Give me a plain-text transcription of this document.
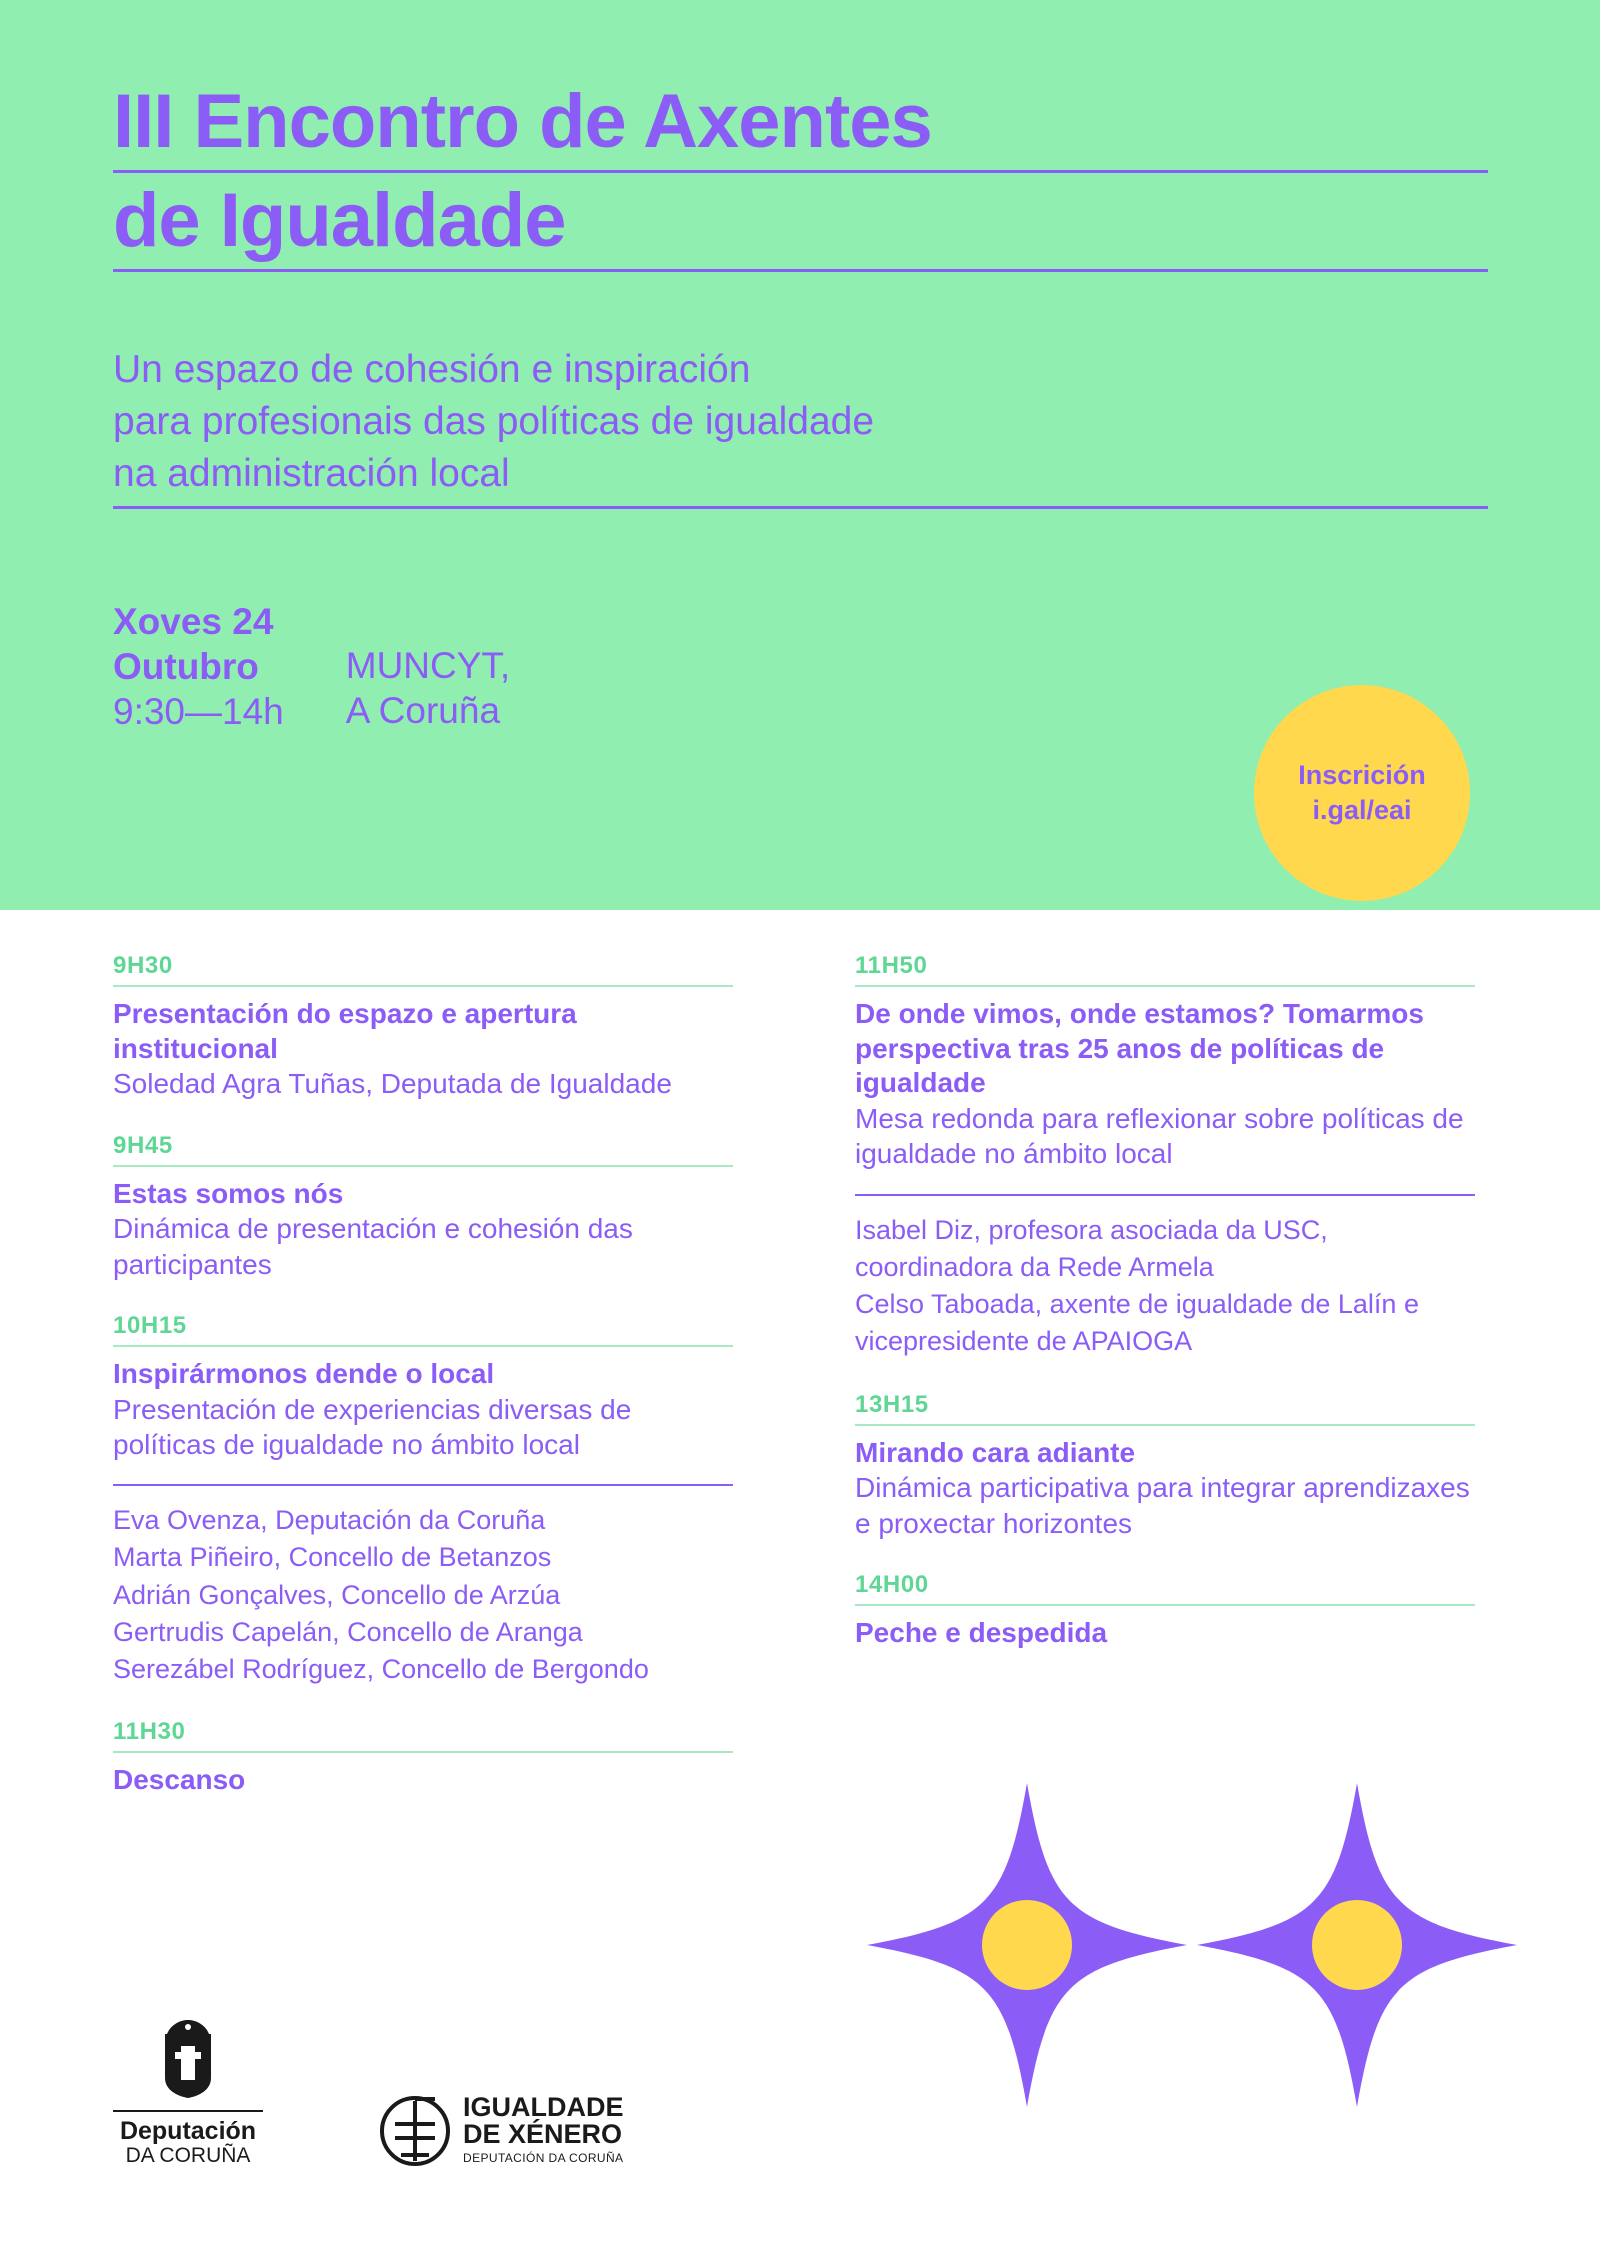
III Encontro de Axentes
de Igualdade
Un espazo de cohesión e inspiración
para profesionais das políticas de igualdade
na administración local
Xoves 24
Outubro
9:30—14h
MUNCYT,
A Coruña
Inscrición
i.gal/eai
9H30
Presentación do espazo e apertura institucional
Soledad Agra Tuñas, Deputada de Igualdade
9H45
Estas somos nós
Dinámica de presentación e cohesión das participantes
10H15
Inspirármonos dende o local
Presentación de experiencias diversas de políticas de igualdade no ámbito local
Eva Ovenza, Deputación da Coruña
Marta Piñeiro, Concello de Betanzos
Adrián Gonçalves, Concello de Arzúa
Gertrudis Capelán, Concello de Aranga
Serezábel Rodríguez, Concello de Bergondo
11H30
Descanso
11H50
De onde vimos, onde estamos? Tomarmos perspectiva tras 25 anos de políticas de igualdade
Mesa redonda para reflexionar sobre políticas de igualdade no ámbito local
Isabel Diz, profesora asociada da USC, coordinadora da Rede Armela
Celso Taboada, axente de igualdade de Lalín e vicepresidente de APAIOGA
13H15
Mirando cara adiante
Dinámica participativa para integrar aprendizaxes e proxectar horizontes
14H00
Peche e despedida
Deputación
DA CORUÑA
IGUALDADE
DE XÉNERO
DEPUTACIÓN DA CORUÑA
